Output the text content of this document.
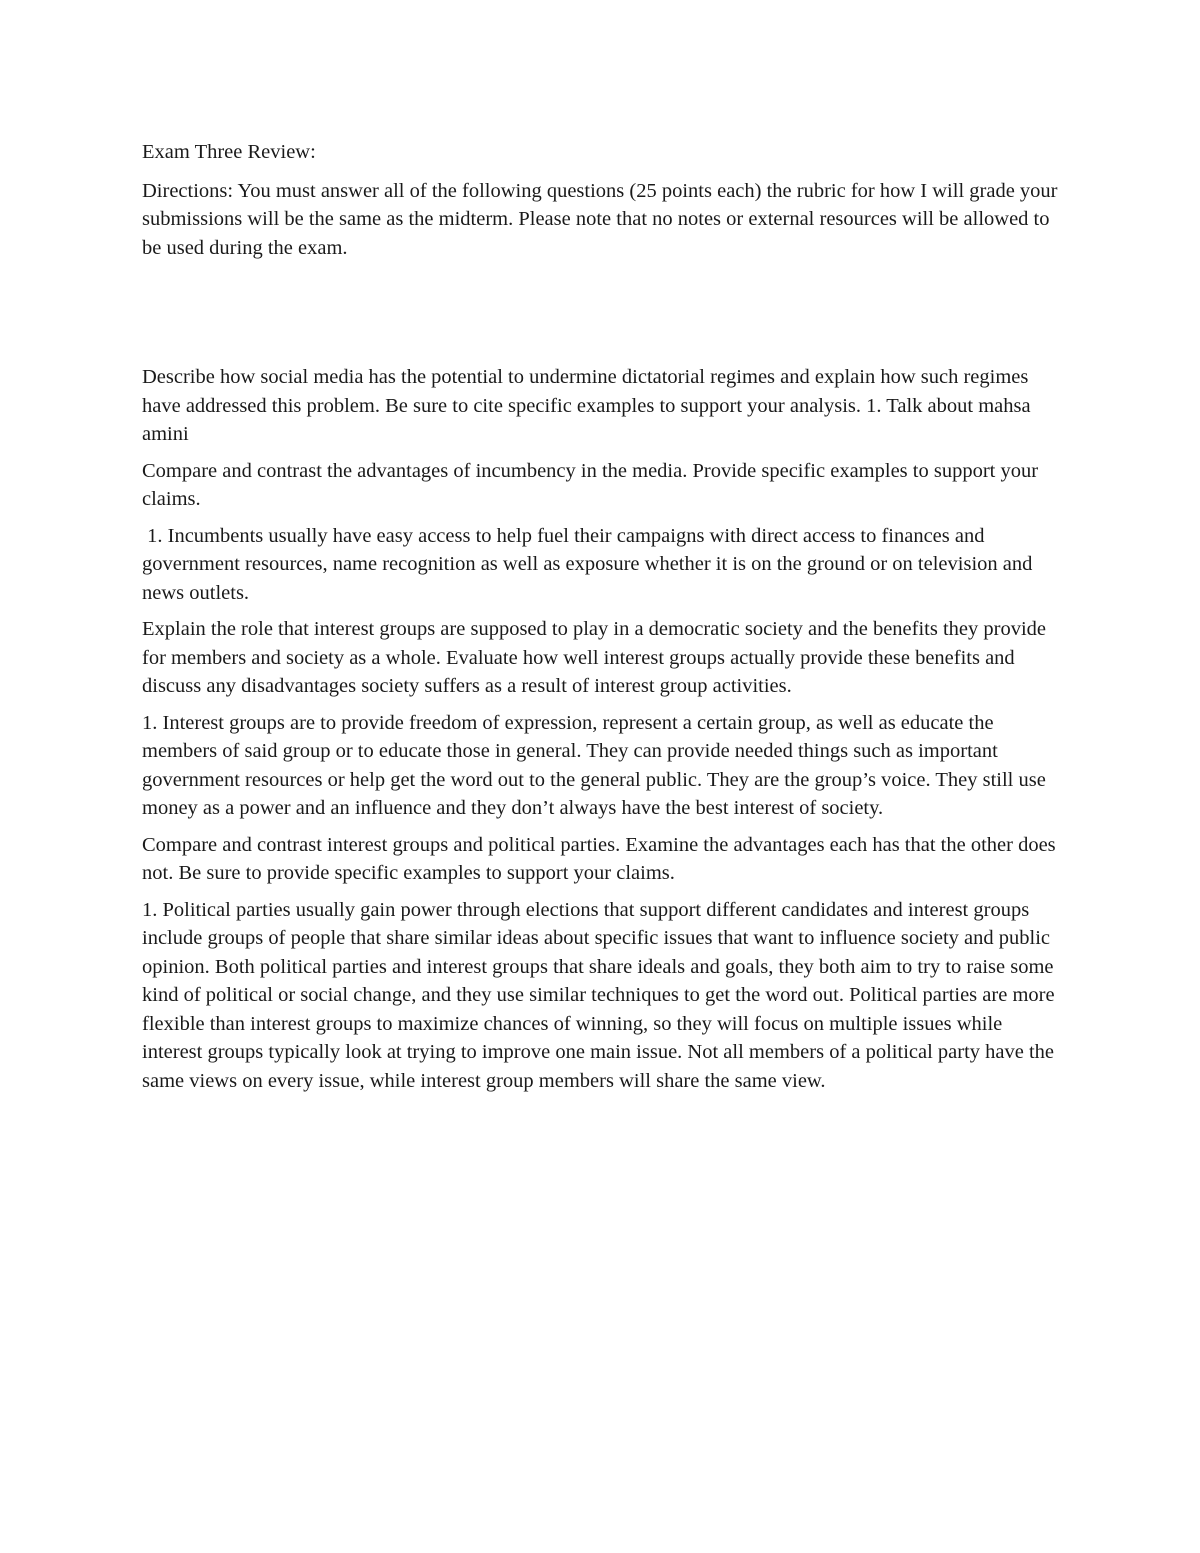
Exam Three Review:

Directions: You must answer all of the following questions (25 points each) the rubric for how I will grade your submissions will be the same as the midterm. Please note that no notes or external resources will be allowed to be used during the exam.

Describe how social media has the potential to undermine dictatorial regimes and explain how such regimes have addressed this problem. Be sure to cite specific examples to support your analysis. 1. Talk about mahsa amini

Compare and contrast the advantages of incumbency in the media. Provide specific examples to support your claims.

1. Incumbents usually have easy access to help fuel their campaigns with direct access to finances and government resources, name recognition as well as exposure whether it is on the ground or on television and news outlets.

Explain the role that interest groups are supposed to play in a democratic society and the benefits they provide for members and society as a whole. Evaluate how well interest groups actually provide these benefits and discuss any disadvantages society suffers as a result of interest group activities.

1. Interest groups are to provide freedom of expression, represent a certain group, as well as educate the members of said group or to educate those in general. They can provide needed things such as important government resources or help get the word out to the general public. They are the group’s voice. They still use money as a power and an influence and they don’t always have the best interest of society.

Compare and contrast interest groups and political parties. Examine the advantages each has that the other does not. Be sure to provide specific examples to support your claims.

1. Political parties usually gain power through elections that support different candidates and interest groups include groups of people that share similar ideas about specific issues that want to influence society and public opinion. Both political parties and interest groups that share ideals and goals, they both aim to try to raise some kind of political or social change, and they use similar techniques to get the word out. Political parties are more flexible than interest groups to maximize chances of winning, so they will focus on multiple issues while interest groups typically look at trying to improve one main issue. Not all members of a political party have the same views on every issue, while interest group members will share the same view.
